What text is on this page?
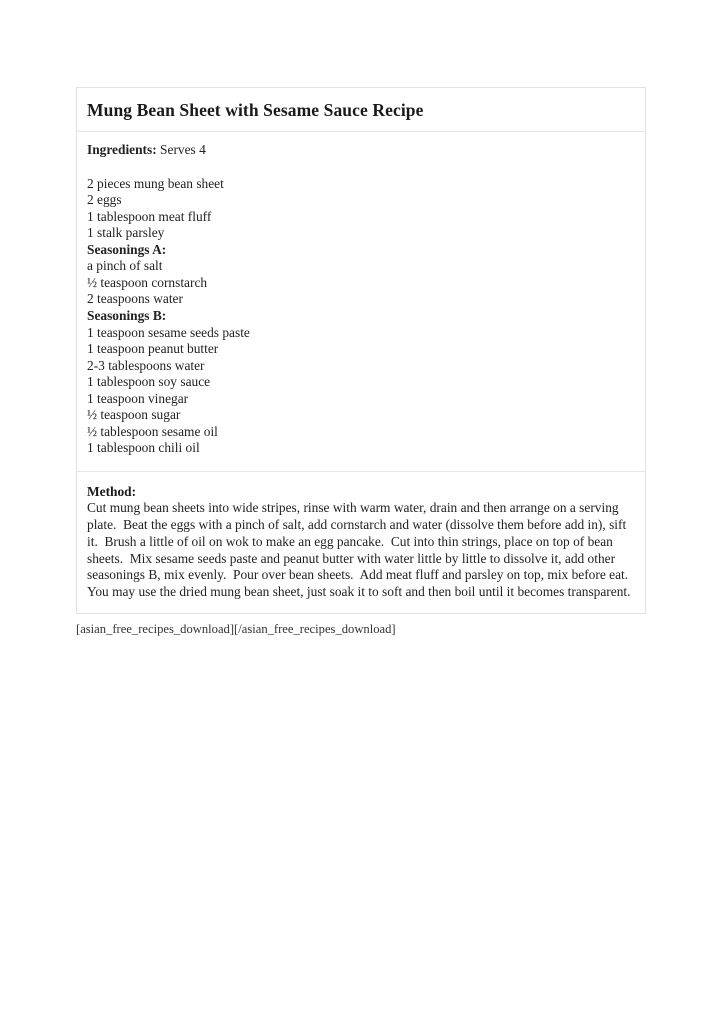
Mung Bean Sheet with Sesame Sauce Recipe
Ingredients: Serves 4
2 pieces mung bean sheet
2 eggs
1 tablespoon meat fluff
1 stalk parsley
Seasonings A:
a pinch of salt
½ teaspoon cornstarch
2 teaspoons water
Seasonings B:
1 teaspoon sesame seeds paste
1 teaspoon peanut butter
2-3 tablespoons water
1 tablespoon soy sauce
1 teaspoon vinegar
½ teaspoon sugar
½ tablespoon sesame oil
1 tablespoon chili oil

Method:

Cut mung bean sheets into wide stripes, rinse with warm water, drain and then arrange on a serving plate.  Beat the eggs with a pinch of salt, add cornstarch and water (dissolve them before add in), sift it.  Brush a little of oil on wok to make an egg pancake.  Cut into thin strings, place on top of bean sheets.  Mix sesame seeds paste and peanut butter with water little by little to dissolve it, add other seasonings B, mix evenly.  Pour over bean sheets.  Add meat fluff and parsley on top, mix before eat.  You may use the dried mung bean sheet, just soak it to soft and then boil until it becomes transparent.

[asian_free_recipes_download][/asian_free_recipes_download]
